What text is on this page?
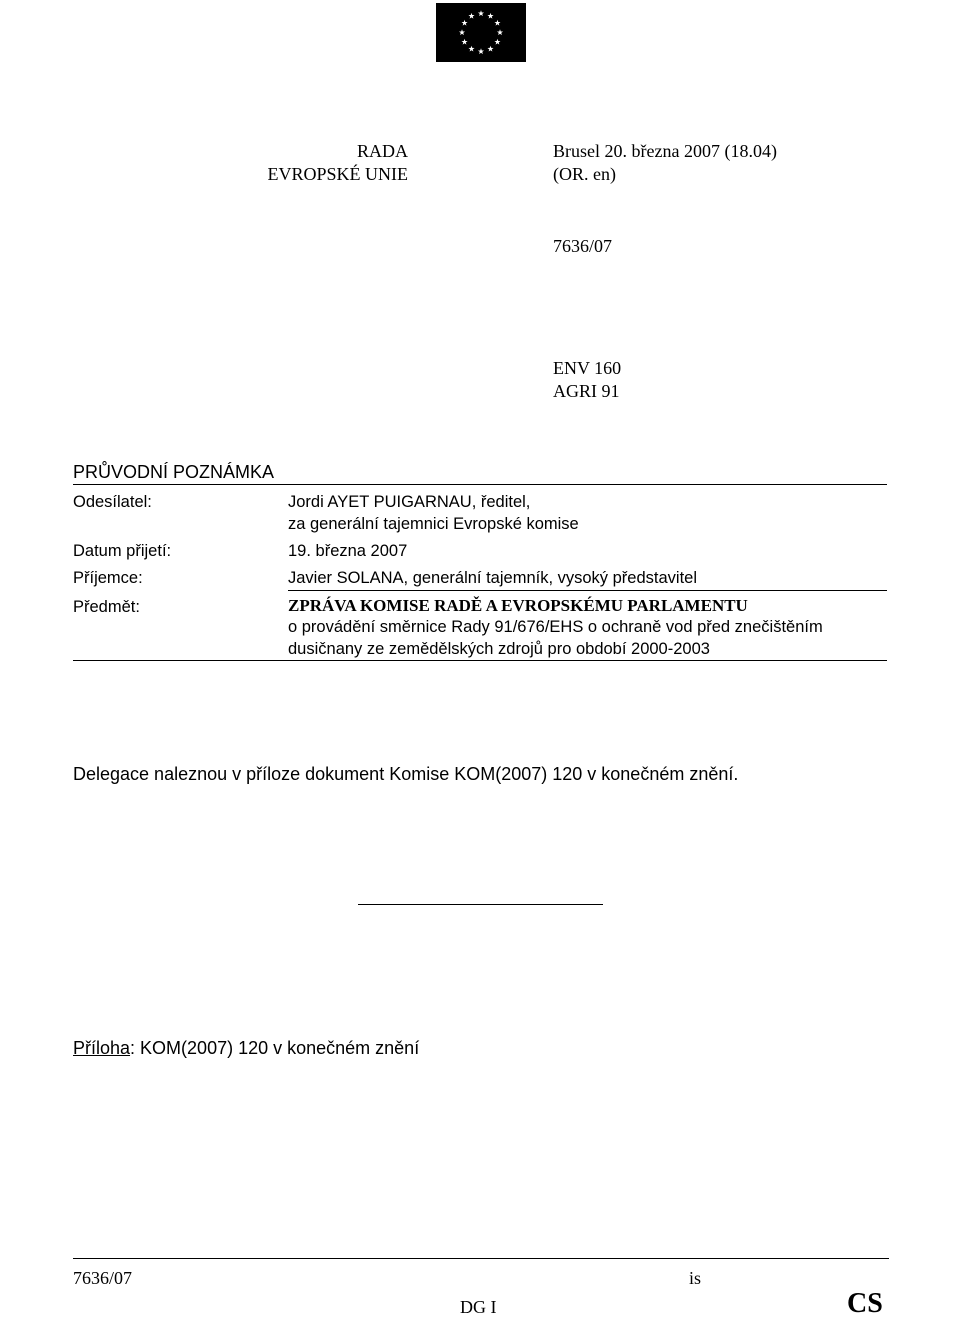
RADA
EVROPSKÉ UNIE
Brusel 20. března 2007 (18.04)
(OR. en)
7636/07
ENV 160
AGRI 91
PRŮVODNÍ POZNÁMKA
Odesílatel:	Jordi AYET PUIGARNAU, ředitel,
za generální tajemnici Evropské komise
Datum přijetí:	19. března 2007
Příjemce:	Javier SOLANA, generální tajemník, vysoký představitel
Předmět:	ZPRÁVA KOMISE RADĚ A EVROPSKÉMU PARLAMENTU
o provádění směrnice Rady 91/676/EHS o ochraně vod před znečištěním
dusičnany ze zemědělských zdrojů pro období 2000-2003
Delegace naleznou v příloze dokument Komise KOM(2007) 120 v konečném znění.
Příloha: KOM(2007) 120 v konečném znění
7636/07	is
DG I	CS
